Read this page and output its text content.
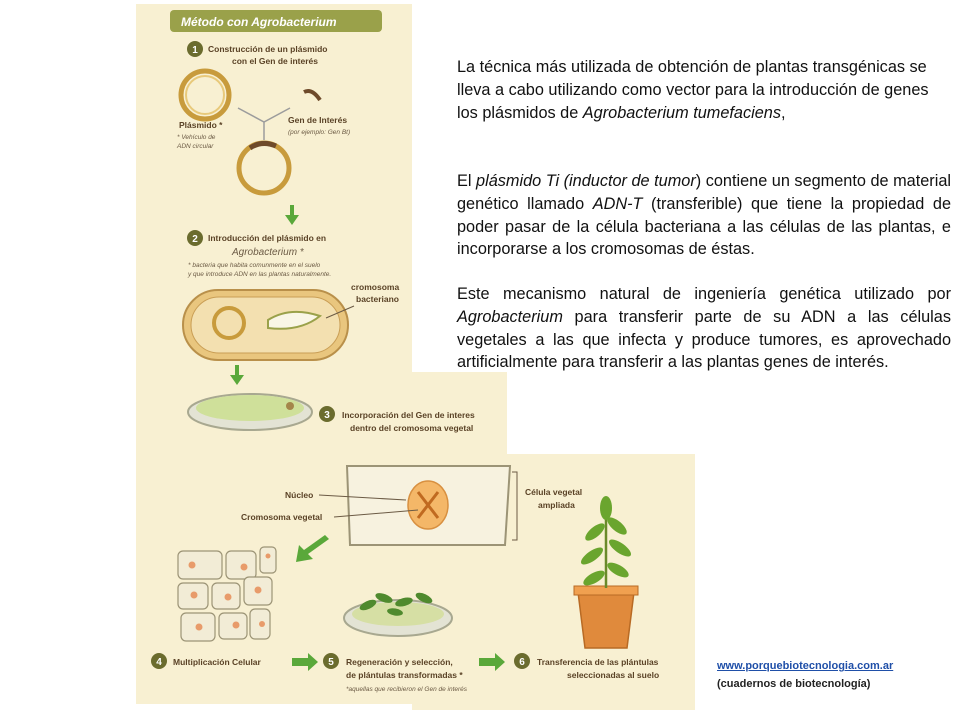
Método con Agrobacterium
1 Construcción de un plásmido
con el Gen de interés
Plásmido *
* Vehículo de
ADN circular
Gen de Interés
(por ejemplo: Gen Bt)
2 Introducción del plásmido en
Agrobacterium *
* bacteria que habita comunmente en el suelo
y que introduce ADN en las plantas naturalmente.
cromosoma
bacteriano
3 Incorporación del Gen de interes
dentro del cromosoma vegetal
Núcleo
Cromosoma vegetal
Célula vegetal
ampliada
4 Multiplicación Celular	5 Regeneración y selección,
de plántulas transformadas *
*aquellas que recibieron el Gen de interés
6 Transferencia de las plántulas
seleccionadas al suelo

La técnica más utilizada de obtención de plantas transgénicas se lleva a cabo utilizando como vector para la introducción de genes los plásmidos de Agrobacterium tumefaciens,

El plásmido Ti (inductor de tumor) contiene un segmento de material genético llamado ADN-T (transferible) que tiene la propiedad de poder pasar de la célula bacteriana a las células de las plantas, e incorporarse a los cromosomas de éstas.

Este mecanismo natural de ingeniería genética utilizado por Agrobacterium para transferir parte de su ADN a las células vegetales a las que infecta y produce tumores, es aprovechado artificialmente para transferir a las plantas genes de interés.

www.porquebiotecnologia.com.ar
(cuadernos de biotecnología)
